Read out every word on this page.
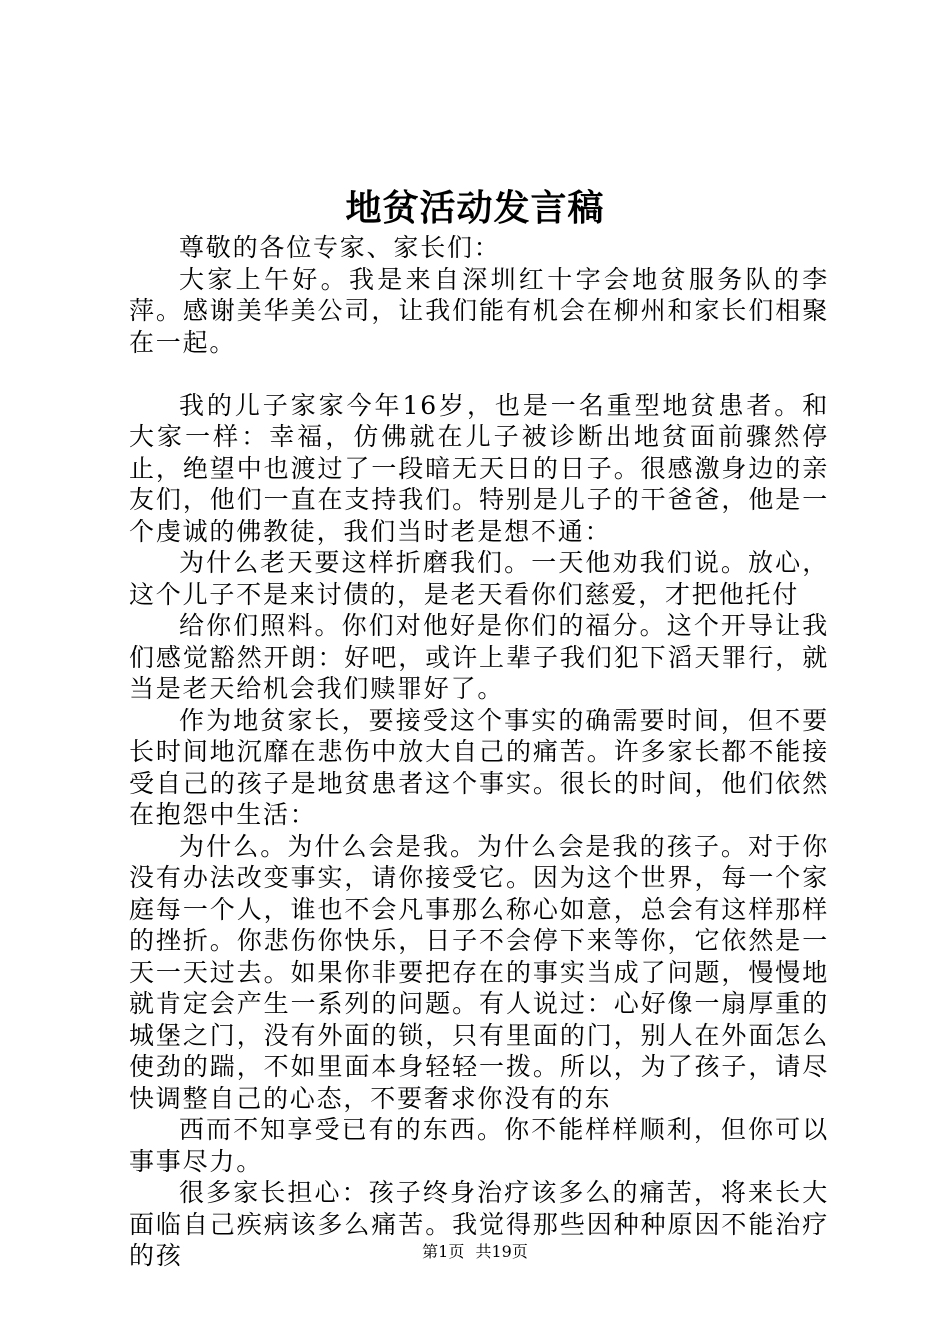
地贫活动发言稿

尊敬的各位专家、家长们：

大家上午好。我是来自深圳红十字会地贫服务队的李萍。感谢美华美公司，让我们能有机会在柳州和家长们相聚在一起。

我的儿子家家今年16岁，也是一名重型地贫患者。和大家一样：幸福，仿佛就在儿子被诊断出地贫面前骤然停止，绝望中也渡过了一段暗无天日的日子。很感激身边的亲友们，他们一直在支持我们。特别是儿子的干爸爸，他是一个虔诚的佛教徒，我们当时老是想不通：

为什么老天要这样折磨我们。一天他劝我们说。放心，这个儿子不是来讨债的，是老天看你们慈爱，才把他托付

给你们照料。你们对他好是你们的福分。这个开导让我们感觉豁然开朗：好吧，或许上辈子我们犯下滔天罪行，就当是老天给机会我们赎罪好了。

作为地贫家长，要接受这个事实的确需要时间，但不要长时间地沉靡在悲伤中放大自己的痛苦。许多家长都不能接受自己的孩子是地贫患者这个事实。很长的时间，他们依然在抱怨中生活：

为什么。为什么会是我。为什么会是我的孩子。对于你没有办法改变事实，请你接受它。因为这个世界，每一个家庭每一个人，谁也不会凡事那么称心如意，总会有这样那样的挫折。你悲伤你快乐，日子不会停下来等你，它依然是一天一天过去。如果你非要把存在的事实当成了问题，慢慢地就肯定会产生一系列的问题。有人说过：心好像一扇厚重的城堡之门，没有外面的锁，只有里面的门，别人在外面怎么使劲的踹，不如里面本身轻轻一拨。所以，为了孩子，请尽快调整自己的心态，不要奢求你没有的东

西而不知享受已有的东西。你不能样样顺利，但你可以事事尽力。

很多家长担心：孩子终身治疗该多么的痛苦，将来长大面临自己疾病该多么痛苦。我觉得那些因种种原因不能治疗的孩	第1页 共19页
